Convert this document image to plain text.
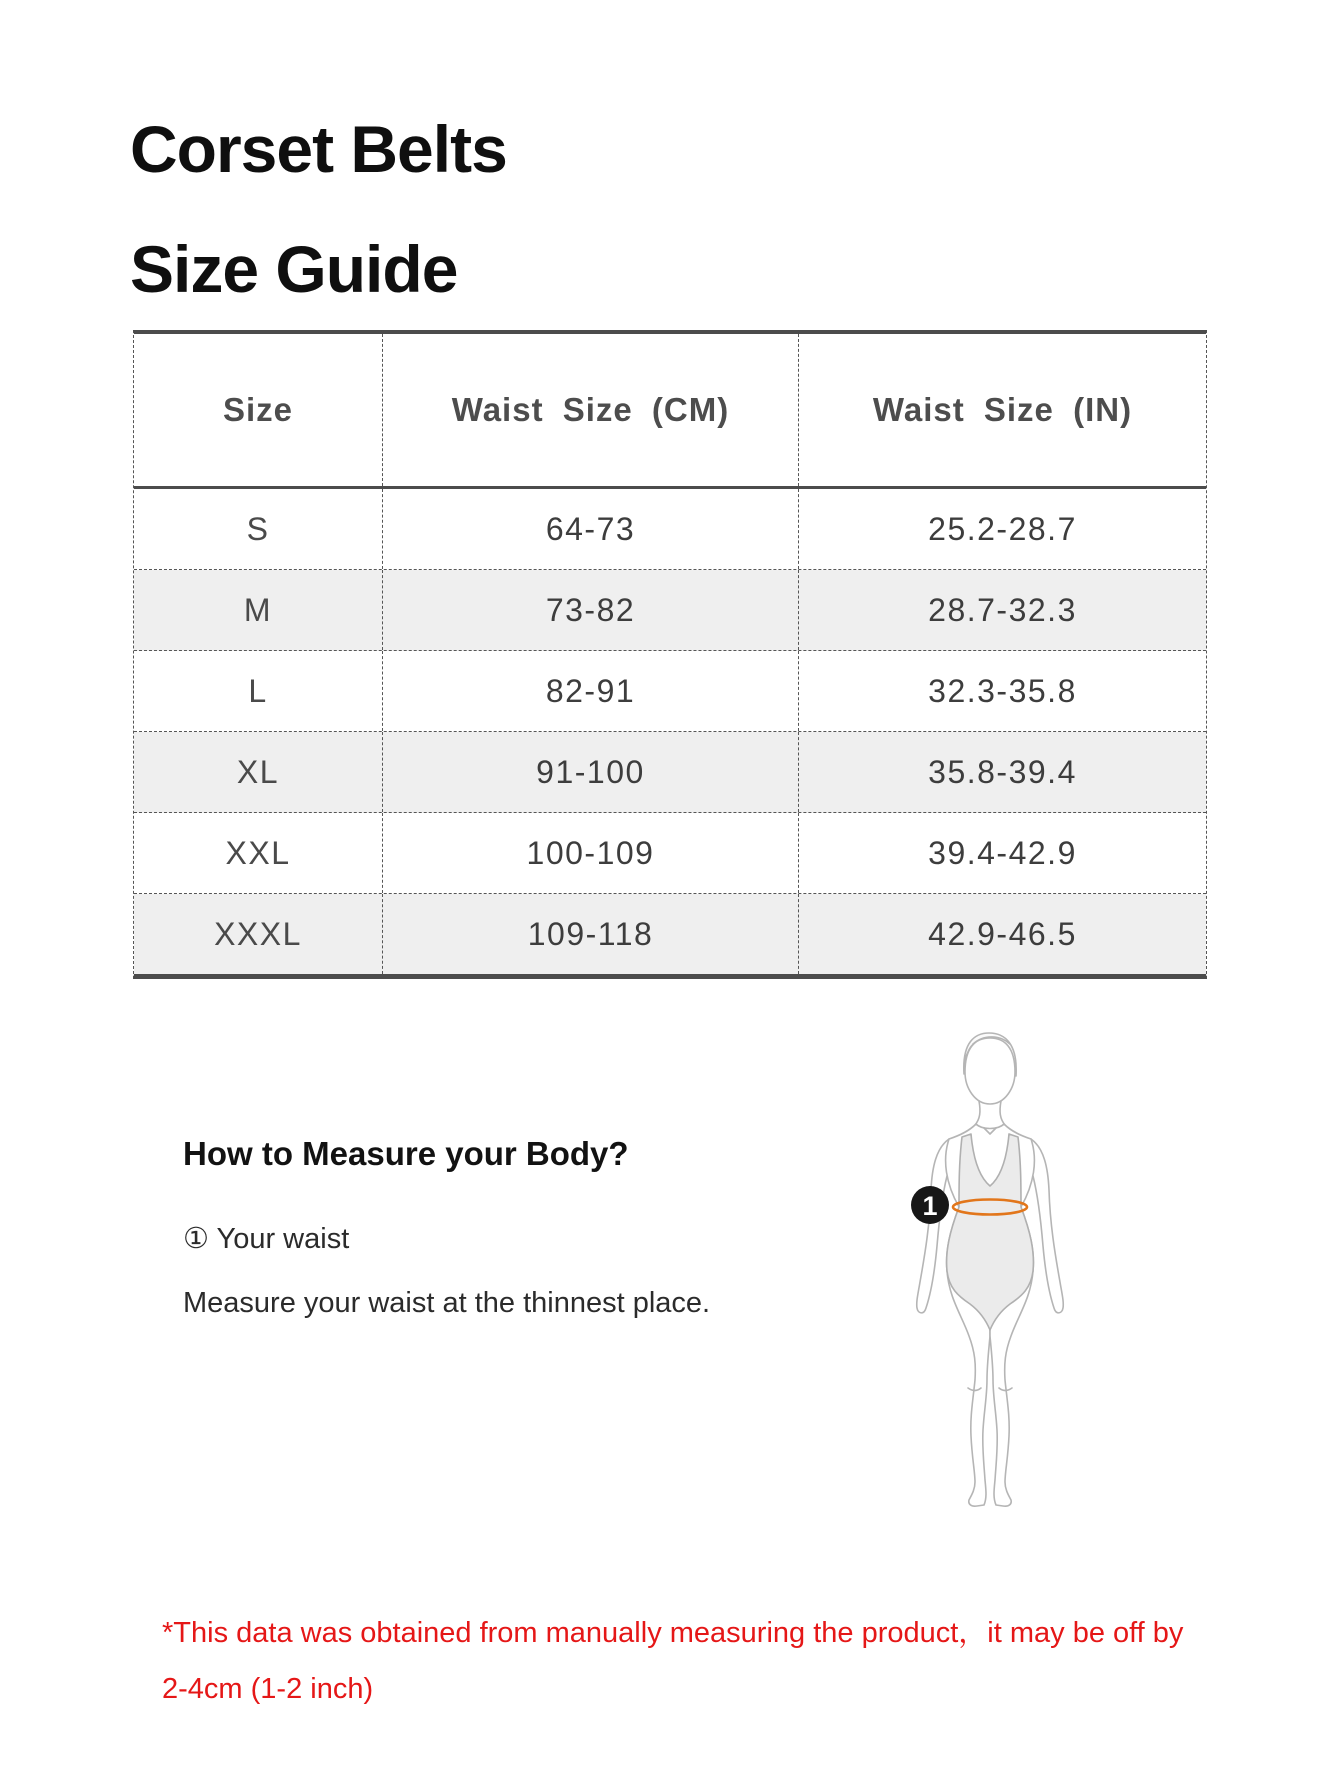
Corset Belts
Size Guide
Size	Waist Size (CM)	Waist Size (IN)
S	64-73	25.2-28.7
M	73-82	28.7-32.3
L	82-91	32.3-35.8
XL	91-100	35.8-39.4
XXL	100-109	39.4-42.9
XXXL	109-118	42.9-46.5
How to Measure your Body?

① Your waist

Measure your waist at the thinnest place.

1

*This data was obtained from manually measuring the product，it may be off by
2-4cm (1-2 inch)
